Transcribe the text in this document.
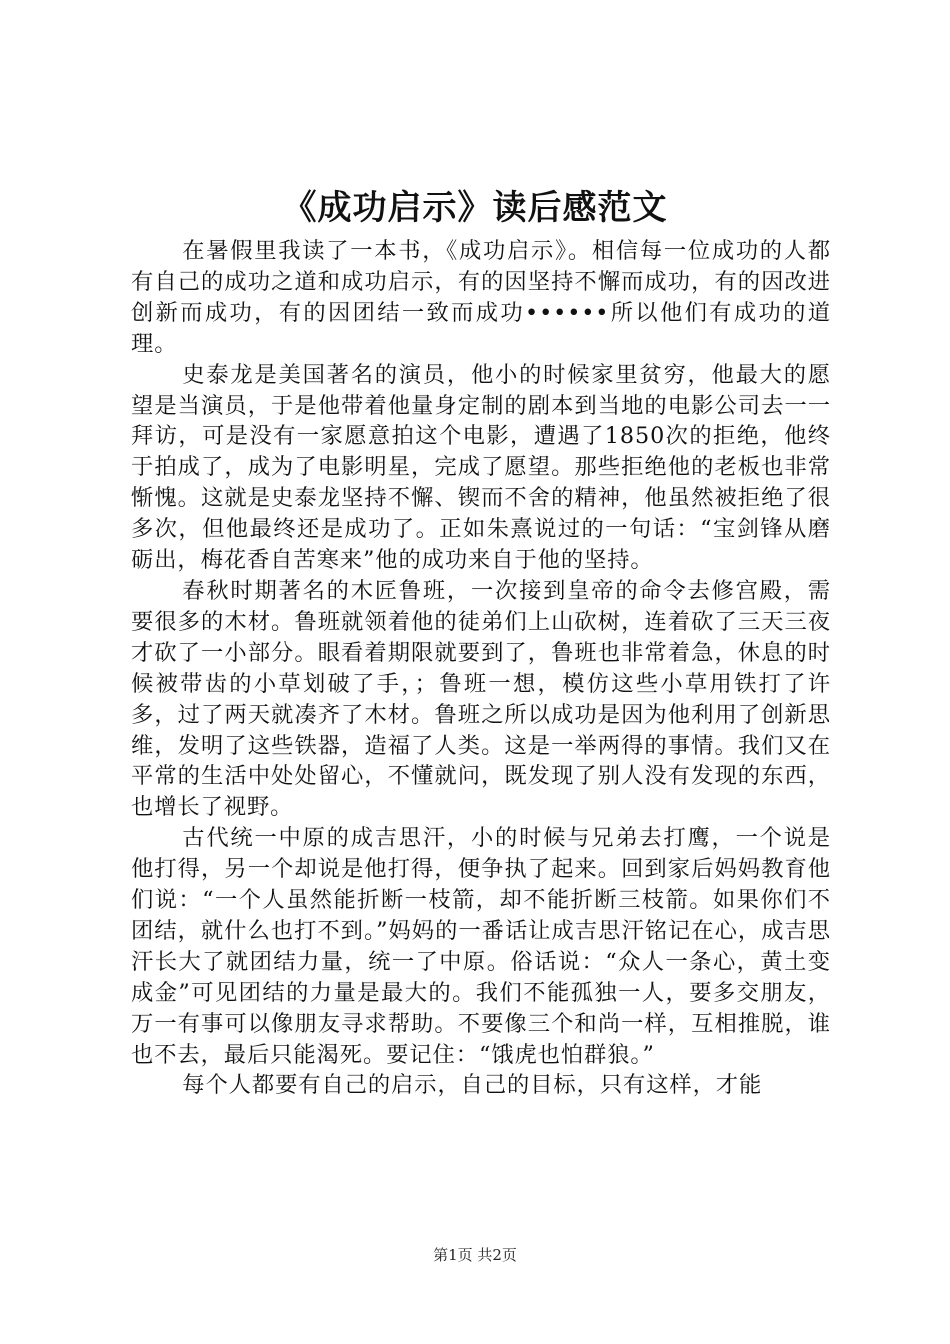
《成功启示》读后感范文

在暑假里我读了一本书，《成功启示》。相信每一位成功的人都有自己的成功之道和成功启示，有的因坚持不懈而成功，有的因改进创新而成功，有的因团结一致而成功••••••所以他们有成功的道理。

史泰龙是美国著名的演员，他小的时候家里贫穷，他最大的愿望是当演员，于是他带着他量身定制的剧本到当地的电影公司去一一拜访，可是没有一家愿意拍这个电影，遭遇了1850次的拒绝，他终于拍成了，成为了电影明星，完成了愿望。那些拒绝他的老板也非常惭愧。这就是史泰龙坚持不懈、锲而不舍的精神，他虽然被拒绝了很多次，但他最终还是成功了。正如朱熹说过的一句话：“宝剑锋从磨砺出，梅花香自苦寒来”他的成功来自于他的坚持。

春秋时期著名的木匠鲁班，一次接到皇帝的命令去修宫殿，需要很多的木材。鲁班就领着他的徒弟们上山砍树，连着砍了三天三夜才砍了一小部分。眼看着期限就要到了，鲁班也非常着急，休息的时候被带齿的小草划破了手，；鲁班一想，模仿这些小草用铁打了许多，过了两天就凑齐了木材。鲁班之所以成功是因为他利用了创新思维，发明了这些铁器，造福了人类。这是一举两得的事情。我们又在平常的生活中处处留心，不懂就问，既发现了别人没有发现的东西，也增长了视野。

古代统一中原的成吉思汗，小的时候与兄弟去打鹰，一个说是他打得，另一个却说是他打得，便争执了起来。回到家后妈妈教育他们说：“一个人虽然能折断一枝箭，却不能折断三枝箭。如果你们不团结，就什么也打不到。”妈妈的一番话让成吉思汗铭记在心，成吉思汗长大了就团结力量，统一了中原。俗话说：“众人一条心，黄土变成金”可见团结的力量是最大的。我们不能孤独一人，要多交朋友，万一有事可以像朋友寻求帮助。不要像三个和尚一样，互相推脱，谁也不去，最后只能渴死。要记住：“饿虎也怕群狼。”

每个人都要有自己的启示，自己的目标，只有这样，才能

第1页 共2页
